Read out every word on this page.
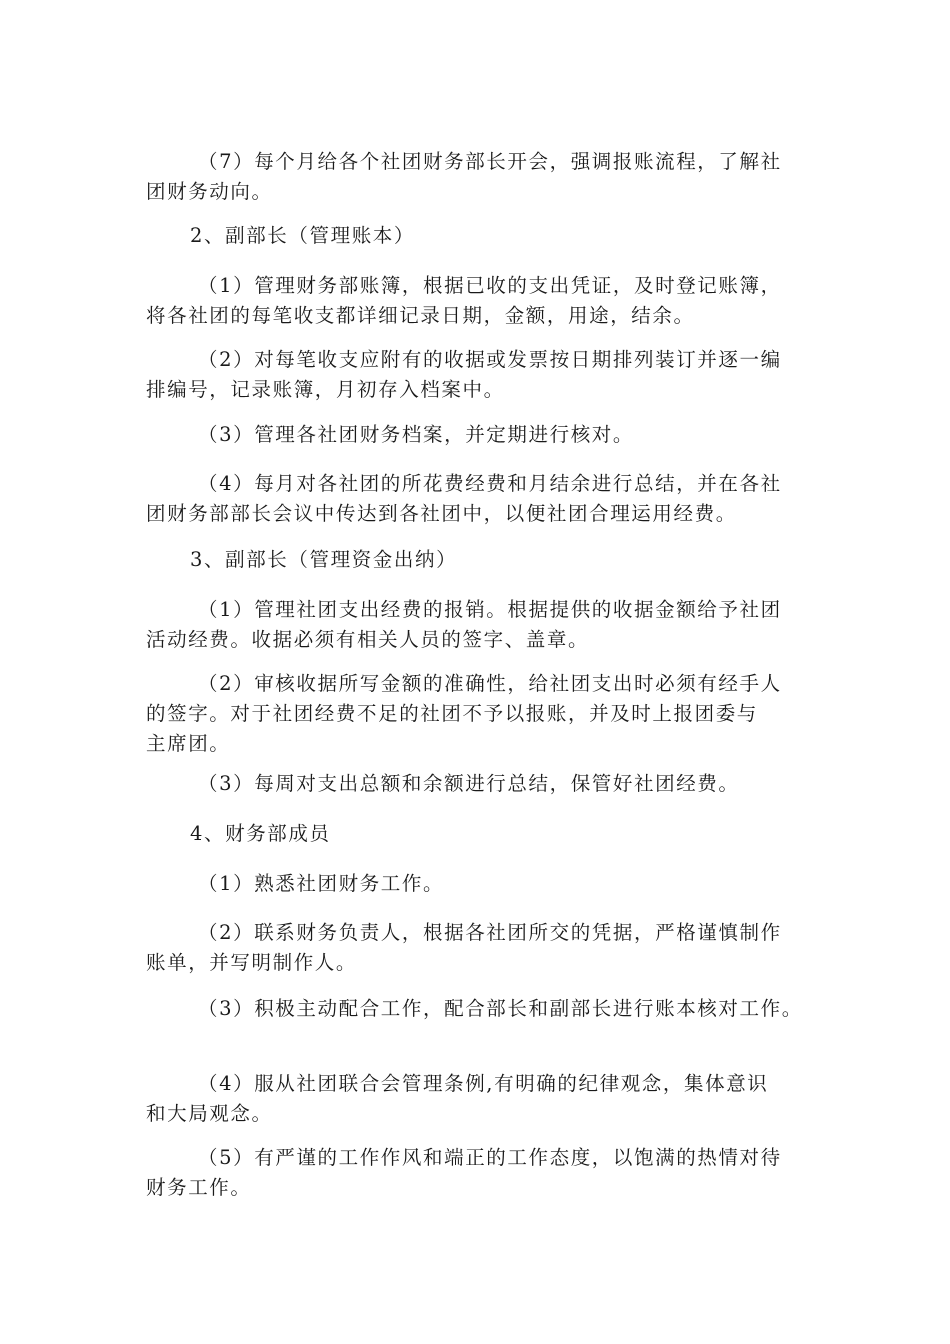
（7）每个月给各个社团财务部长开会，强调报账流程，了解社
团财务动向。
2、副部长（管理账本）
（1）管理财务部账簿，根据已收的支出凭证，及时登记账簿，
将各社团的每笔收支都详细记录日期，金额，用途，结余。
（2）对每笔收支应附有的收据或发票按日期排列装订并逐一编
排编号，记录账簿，月初存入档案中。
（3）管理各社团财务档案，并定期进行核对。
（4）每月对各社团的所花费经费和月结余进行总结，并在各社
团财务部部长会议中传达到各社团中，以便社团合理运用经费。
3、副部长（管理资金出纳）
（1）管理社团支出经费的报销。根据提供的收据金额给予社团
活动经费。收据必须有相关人员的签字、盖章。
（2）审核收据所写金额的准确性，给社团支出时必须有经手人
的签字。对于社团经费不足的社团不予以报账，并及时上报团委与
主席团。
（3）每周对支出总额和余额进行总结，保管好社团经费。
4、财务部成员
（1）熟悉社团财务工作。
（2）联系财务负责人，根据各社团所交的凭据，严格谨慎制作
账单，并写明制作人。
（3）积极主动配合工作，配合部长和副部长进行账本核对工作。
（4）服从社团联合会管理条例,有明确的纪律观念，集体意识
和大局观念。
（5）有严谨的工作作风和端正的工作态度，以饱满的热情对待
财务工作。
